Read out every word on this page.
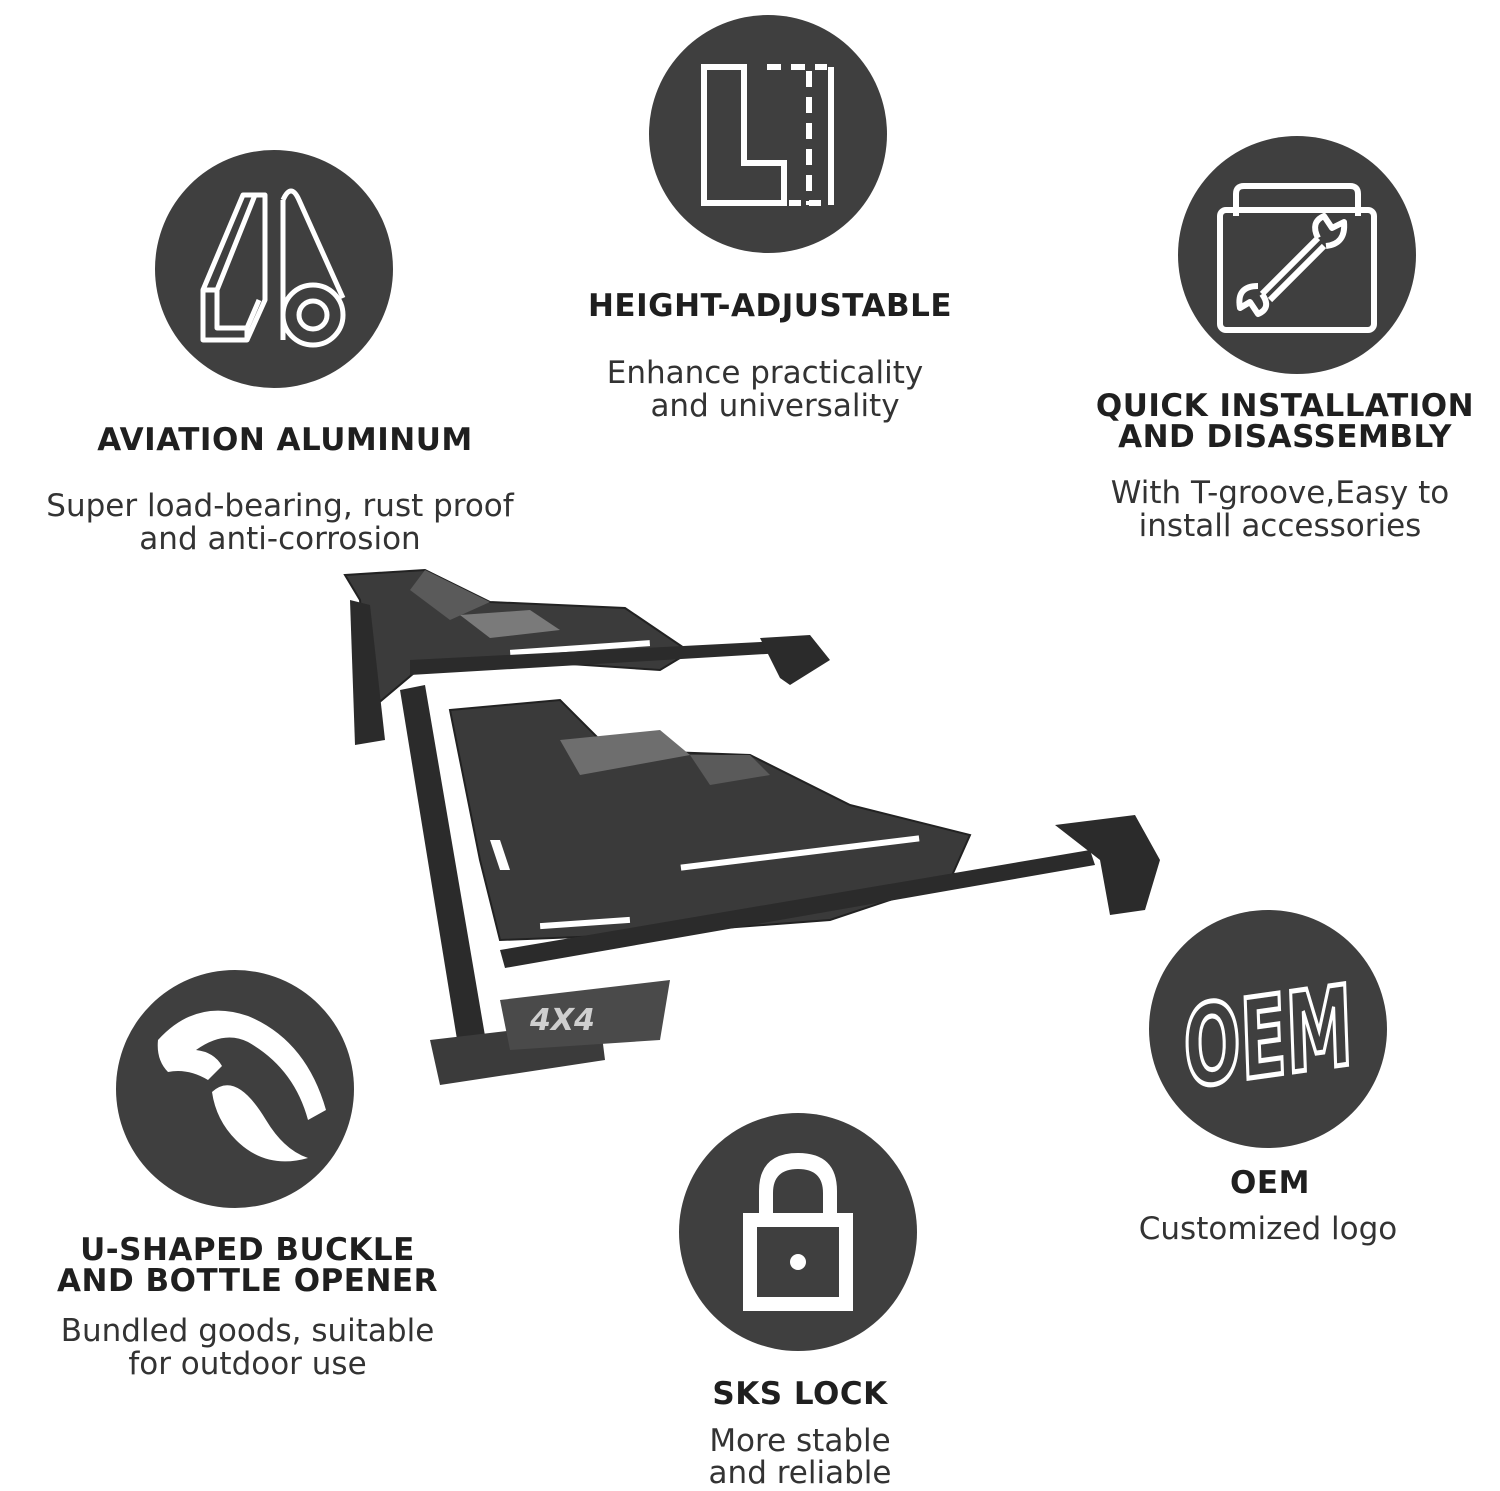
AVIATION ALUMINUM
Super load-bearing, rust proof
and anti-corrosion
HEIGHT-ADJUSTABLE
Enhance practicality
and universality	QUICK INSTALLATION
AND DISASSEMBLY
With T-groove,Easy to
install accessories
4X4
U-SHAPED BUCKLE
AND BOTTLE OPENER
Bundled goods, suitable
for outdoor use
SKS LOCK
More stable
and reliable
OEM
OEM
Customized logo
